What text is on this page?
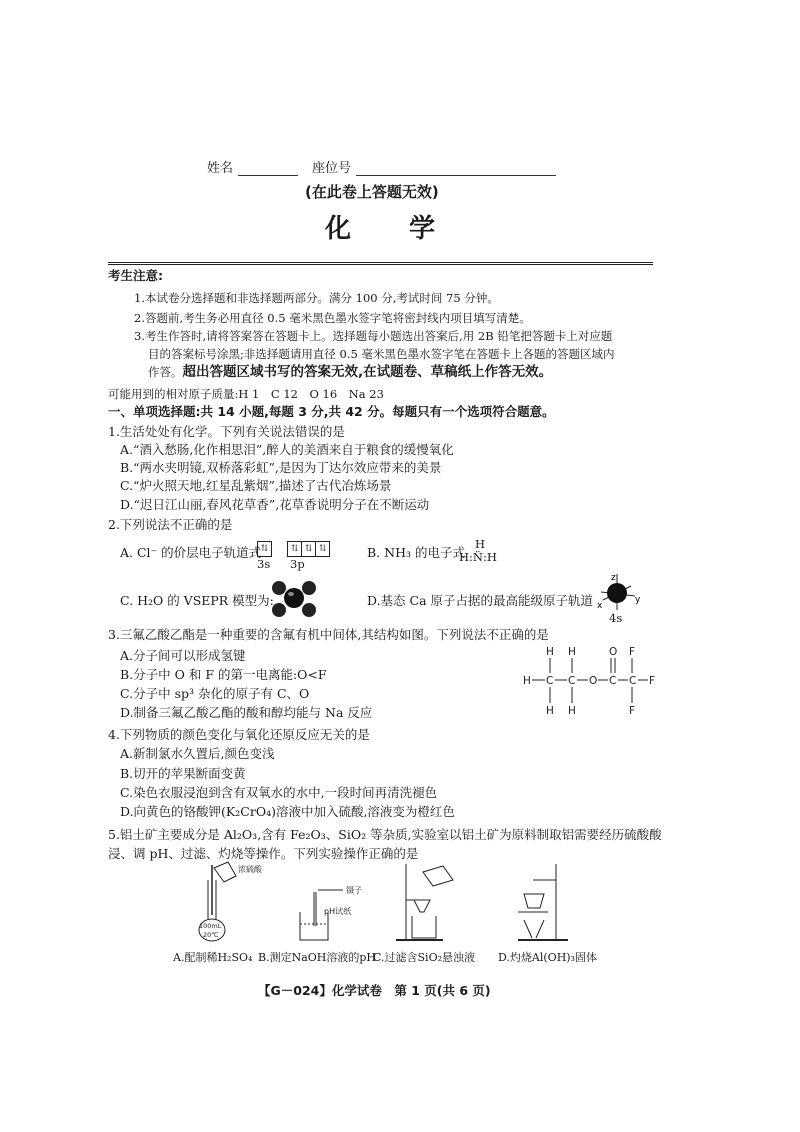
姓名	座位号
(在此卷上答题无效)
化　　学
考生注意:
1.本试卷分选择题和非选择题两部分。满分 100 分,考试时间 75 分钟。
2.答题前,考生务必用直径 0.5 毫米黑色墨水签字笔将密封线内项目填写清楚。
3.考生作答时,请将答案答在答题卡上。选择题每小题选出答案后,用 2B 铅笔把答题卡上对应题
目的答案标号涂黑;非选择题请用直径 0.5 毫米黑色墨水签字笔在答题卡上各题的答题区域内
作答。超出答题区域书写的答案无效,在试题卷、草稿纸上作答无效。
可能用到的相对原子质量:H 1　C 12　O 16　Na 23
一、单项选择题:共 14 小题,每题 3 分,共 42 分。每题只有一个选项符合题意。
1.生活处处有化学。下列有关说法错误的是
A.“酒入愁肠,化作相思泪”,醉人的美酒来自于粮食的缓慢氧化
B.“两水夹明镜,双桥落彩虹”,是因为丁达尔效应带来的美景
C.“炉火照天地,红星乱紫烟”,描述了古代冶炼场景
D.“迟日江山丽,春风花草香”,花草香说明分子在不断运动
2.下列说法不正确的是
A. Cl⁻ 的价层电子轨道式 ⇅	⇅ ⇅ ⇅
3s 3p
B. NH₃ 的电子式
H
H:N̈:H
C. H₂O 的 VSEPR 模型为:	D.基态 Ca 原子占据的最高能级原子轨道
z
x
y
4s
3.三氟乙酸乙酯是一种重要的含氟有机中间体,其结构如图。下列说法不正确的是
A.分子间可以形成氢键
B.分子中 O 和 F 的第一电离能:O<F
C.分子中 sp³ 杂化的原子有 C、O
D.制备三氟乙酸乙酯的酸和醇均能与 Na 反应
H H	O F
H C C O C C F
H H	F
4.下列物质的颜色变化与氧化还原反应无关的是
A.新制氯水久置后,颜色变浅
B.切开的苹果断面变黄
C.染色衣服浸泡到含有双氧水的水中,一段时间再清洗褪色
D.向黄色的铬酸钾(K₂CrO₄)溶液中加入硫酸,溶液变为橙红色
5.铝土矿主要成分是 Al₂O₃,含有 Fe₂O₃、SiO₂ 等杂质,实验室以铝土矿为原料制取铝需要经历硫酸酸
浸、调 pH、过滤、灼烧等操作。下列实验操作正确的是
浓硫酸
100mL
20℃
镊子
pH试纸
A.配制稀H₂SO₄ B.测定NaOH溶液的pH
C.过滤含SiO₂悬浊液 D.灼烧Al(OH)₃固体
【G－024】化学试卷　第 1 页(共 6 页)
